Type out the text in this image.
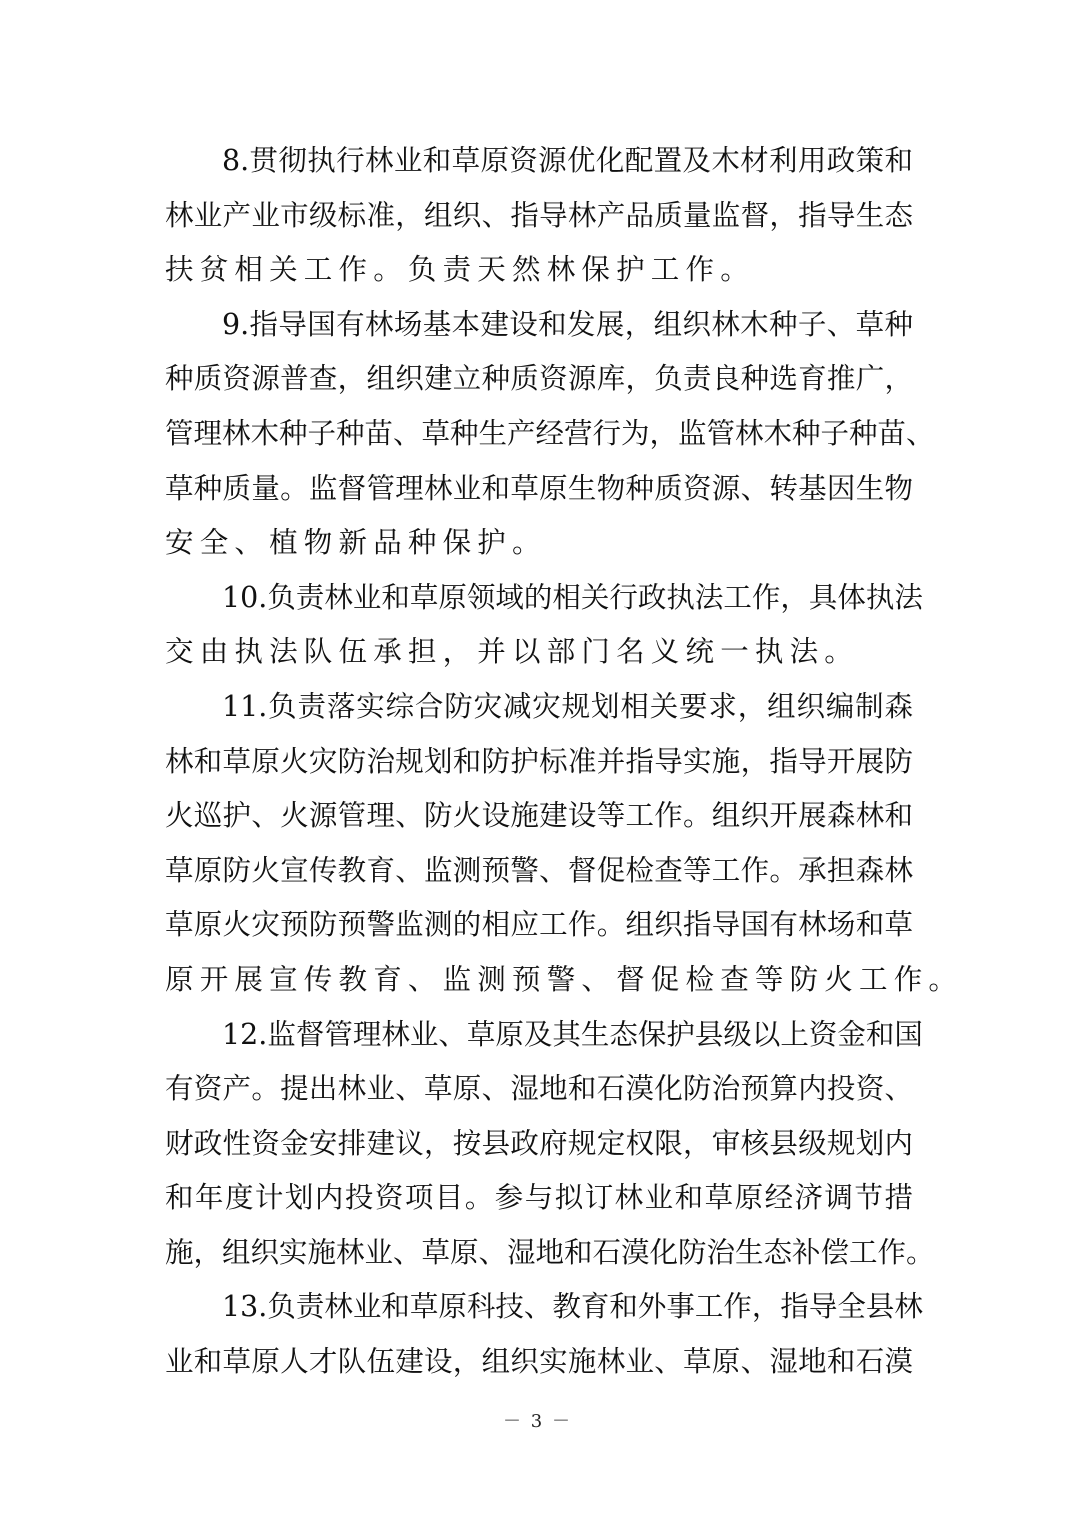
8.贯彻执行林业和草原资源优化配置及木材利用政策和
林业产业市级标准，组织、指导林产品质量监督，指导生态
扶贫相关工作。负责天然林保护工作。
9.指导国有林场基本建设和发展，组织林木种子、草种
种质资源普查，组织建立种质资源库，负责良种选育推广，
管理林木种子种苗、草种生产经营行为，监管林木种子种苗、
草种质量。监督管理林业和草原生物种质资源、转基因生物
安全、植物新品种保护。
10.负责林业和草原领域的相关行政执法工作，具体执法
交由执法队伍承担，并以部门名义统一执法。
11.负责落实综合防灾减灾规划相关要求，组织编制森
林和草原火灾防治规划和防护标准并指导实施，指导开展防
火巡护、火源管理、防火设施建设等工作。组织开展森林和
草原防火宣传教育、监测预警、督促检查等工作。承担森林
草原火灾预防预警监测的相应工作。组织指导国有林场和草
原开展宣传教育、监测预警、督促检查等防火工作。
12.监督管理林业、草原及其生态保护县级以上资金和国
有资产。提出林业、草原、湿地和石漠化防治预算内投资、
财政性资金安排建议，按县政府规定权限，审核县级规划内
和年度计划内投资项目。参与拟订林业和草原经济调节措
施，组织实施林业、草原、湿地和石漠化防治生态补偿工作。
13.负责林业和草原科技、教育和外事工作，指导全县林
业和草原人才队伍建设，组织实施林业、草原、湿地和石漠
－ 3 －
